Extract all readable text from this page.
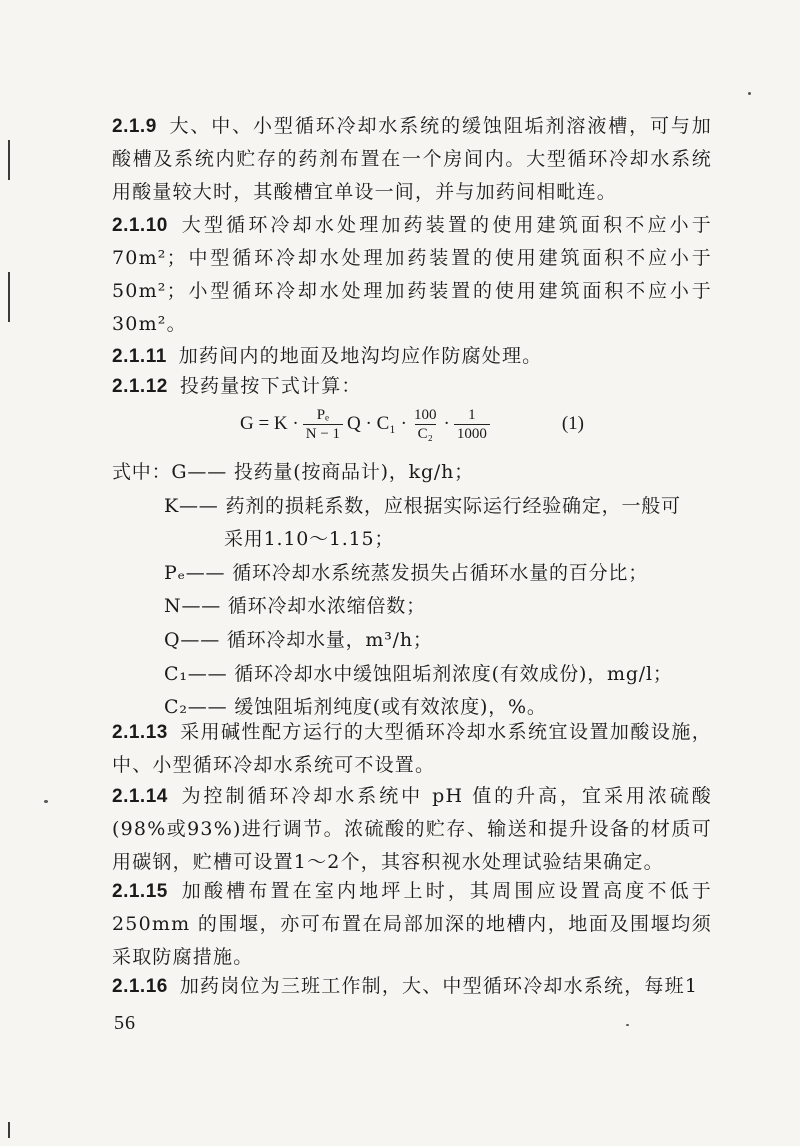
2.1.9 大、中、小型循环冷却水系统的缓蚀阻垢剂溶液槽，可与加酸槽及系统内贮存的药剂布置在一个房间内。大型循环冷却水系统用酸量较大时，其酸槽宜单设一间，并与加药间相毗连。

2.1.10 大型循环冷却水处理加药装置的使用建筑面积不应小于70m²；中型循环冷却水处理加药装置的使用建筑面积不应小于50m²；小型循环冷却水处理加药装置的使用建筑面积不应小于30m²。

2.1.11 加药间内的地面及地沟均应作防腐处理。

2.1.12 投药量按下式计算：

$G = K \cdot \frac{\text{Pₑ}}{N - 1}$ $Q \cdot C_1 \cdot \frac{100}{\text{C₂}} \cdot \frac{1}{1000}$	(1)
式中：G—— 投药量(按商品计)，kg/h；
K—— 药剂的损耗系数，应根据实际运行经验确定，一般可
采用1.10～1.15；
Pₑ—— 循环冷却水系统蒸发损失占循环水量的百分比；
N—— 循环冷却水浓缩倍数；
Q—— 循环冷却水量，m³/h；
C₁—— 循环冷却水中缓蚀阻垢剂浓度(有效成份)，mg/l；
C₂—— 缓蚀阻垢剂纯度(或有效浓度)，%。

2.1.13 采用碱性配方运行的大型循环冷却水系统宜设置加酸设施，中、小型循环冷却水系统可不设置。

2.1.14 为控制循环冷却水系统中 pH 值的升高，宜采用浓硫酸(98%或93%)进行调节。浓硫酸的贮存、输送和提升设备的材质可用碳钢，贮槽可设置1～2个，其容积视水处理试验结果确定。

2.1.15 加酸槽布置在室内地坪上时，其周围应设置高度不低于250mm 的围堰，亦可布置在局部加深的地槽内，地面及围堰均须采取防腐措施。

2.1.16 加药岗位为三班工作制，大、中型循环冷却水系统，每班1

56
